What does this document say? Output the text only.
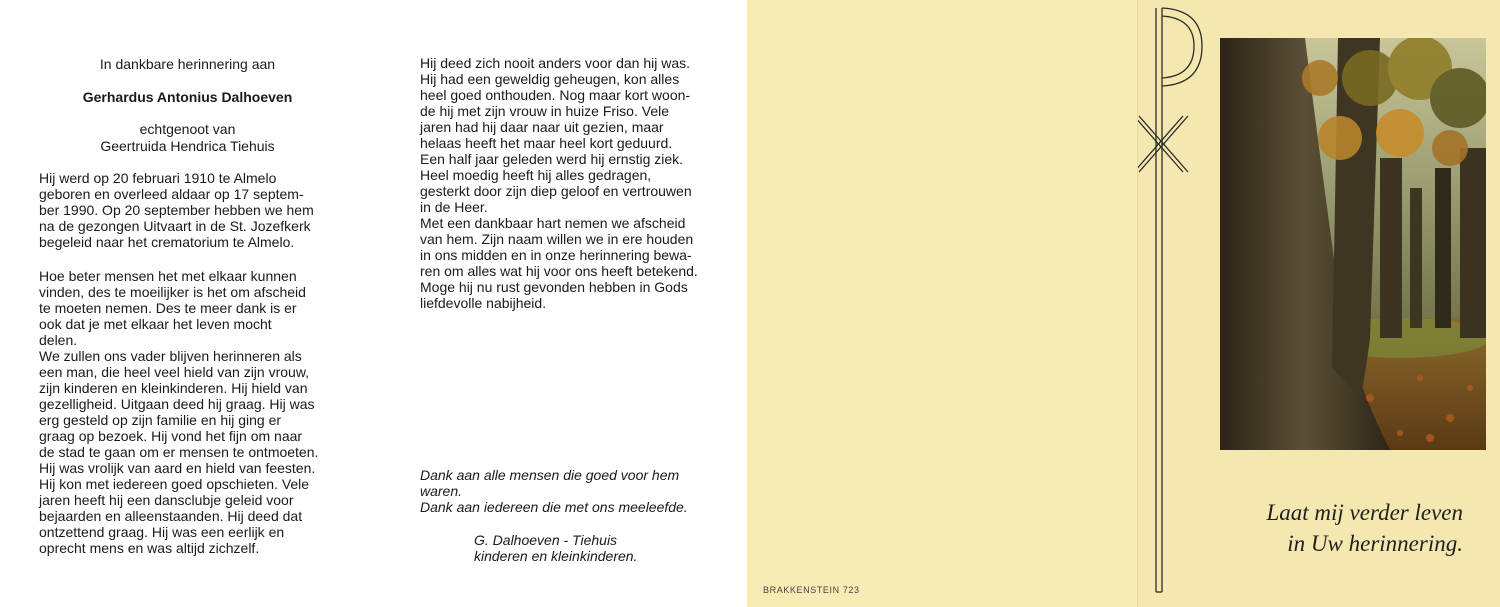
In dankbare herinnering aan
Gerhardus Antonius Dalhoeven
echtgenoot van
Geertruida Hendrica Tiehuis

Hij werd op 20 februari 1910 te Almelo
geboren en overleed aldaar op 17 septem-
ber 1990. Op 20 september hebben we hem
na de gezongen Uitvaart in de St. Jozefkerk
begeleid naar het crematorium te Almelo.

Hoe beter mensen het met elkaar kunnen
vinden, des te moeilijker is het om afscheid
te moeten nemen. Des te meer dank is er
ook dat je met elkaar het leven mocht
delen.
We zullen ons vader blijven herinneren als
een man, die heel veel hield van zijn vrouw,
zijn kinderen en kleinkinderen. Hij hield van
gezelligheid. Uitgaan deed hij graag. Hij was
erg gesteld op zijn familie en hij ging er
graag op bezoek. Hij vond het fijn om naar
de stad te gaan om er mensen te ontmoeten.
Hij was vrolijk van aard en hield van feesten.
Hij kon met iedereen goed opschieten. Vele
jaren heeft hij een dansclubje geleid voor
bejaarden en alleenstaanden. Hij deed dat
ontzettend graag. Hij was een eerlijk en
oprecht mens en was altijd zichzelf.

Hij deed zich nooit anders voor dan hij was.
Hij had een geweldig geheugen, kon alles
heel goed onthouden. Nog maar kort woon-
de hij met zijn vrouw in huize Friso. Vele
jaren had hij daar naar uit gezien, maar
helaas heeft het maar heel kort geduurd.
Een half jaar geleden werd hij ernstig ziek.
Heel moedig heeft hij alles gedragen,
gesterkt door zijn diep geloof en vertrouwen
in de Heer.
Met een dankbaar hart nemen we afscheid
van hem. Zijn naam willen we in ere houden
in ons midden en in onze herinnering bewa-
ren om alles wat hij voor ons heeft betekend.
Moge hij nu rust gevonden hebben in Gods
liefdevolle nabijheid.

Dank aan alle mensen die goed voor hem
waren.
Dank aan iedereen die met ons meeleefde.

G. Dalhoeven - Tiehuis
kinderen en kleinkinderen.

BRAKKENSTEIN 723
Laat mij verder leven
in Uw herinnering.
